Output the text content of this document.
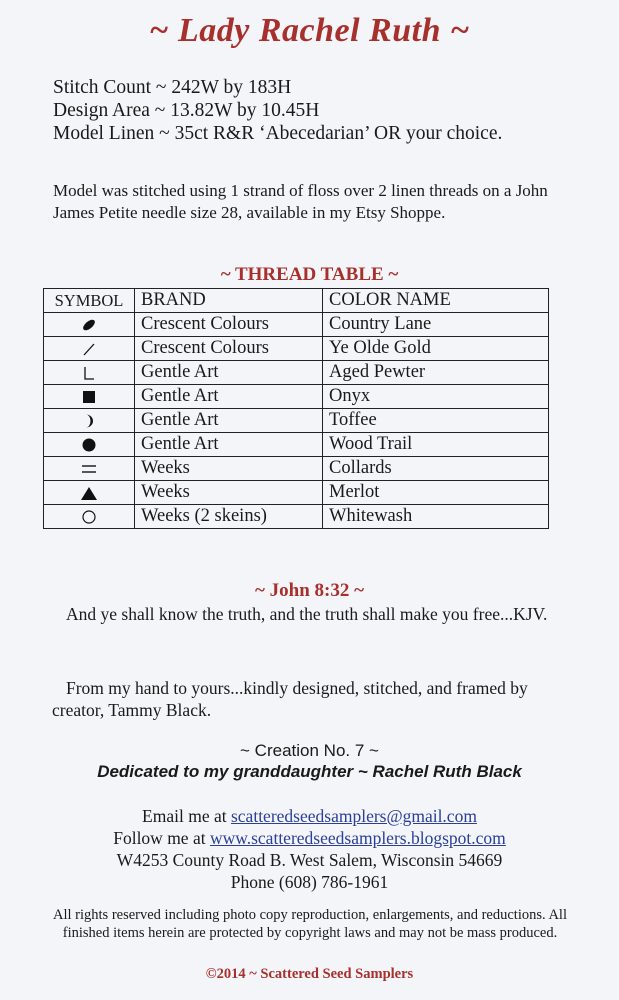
~ Lady Rachel Ruth ~
Stitch Count ~ 242W by 183H
Design Area ~ 13.82W by 10.45H
Model Linen ~ 35ct R&R ‘Abecedarian’ OR your choice.
Model was stitched using 1 strand of floss over 2 linen threads on a John James Petite needle size 28, available in my Etsy Shoppe.
~ THREAD TABLE ~
SYMBOL	BRAND	COLOR NAME
	Crescent Colours	Country Lane
	Crescent Colours	Ye Olde Gold
	Gentle Art	Aged Pewter
	Gentle Art	Onyx
	Gentle Art	Toffee
	Gentle Art	Wood Trail
	Weeks	Collards
	Weeks	Merlot
	Weeks (2 skeins)	Whitewash
~ John 8:32 ~
And ye shall know the truth, and the truth shall make you free...KJV.
From my hand to yours...kindly designed, stitched, and framed by creator, Tammy Black.
~ Creation No. 7 ~
Dedicated to my granddaughter ~ Rachel Ruth Black
Email me at scatteredseedsamplers@gmail.com
Follow me at www.scatteredseedsamplers.blogspot.com
W4253 County Road B. West Salem, Wisconsin 54669
Phone (608) 786-1961
All rights reserved including photo copy reproduction, enlargements, and reductions. All finished items herein are protected by copyright laws and may not be mass produced.
©2014 ~ Scattered Seed Samplers
